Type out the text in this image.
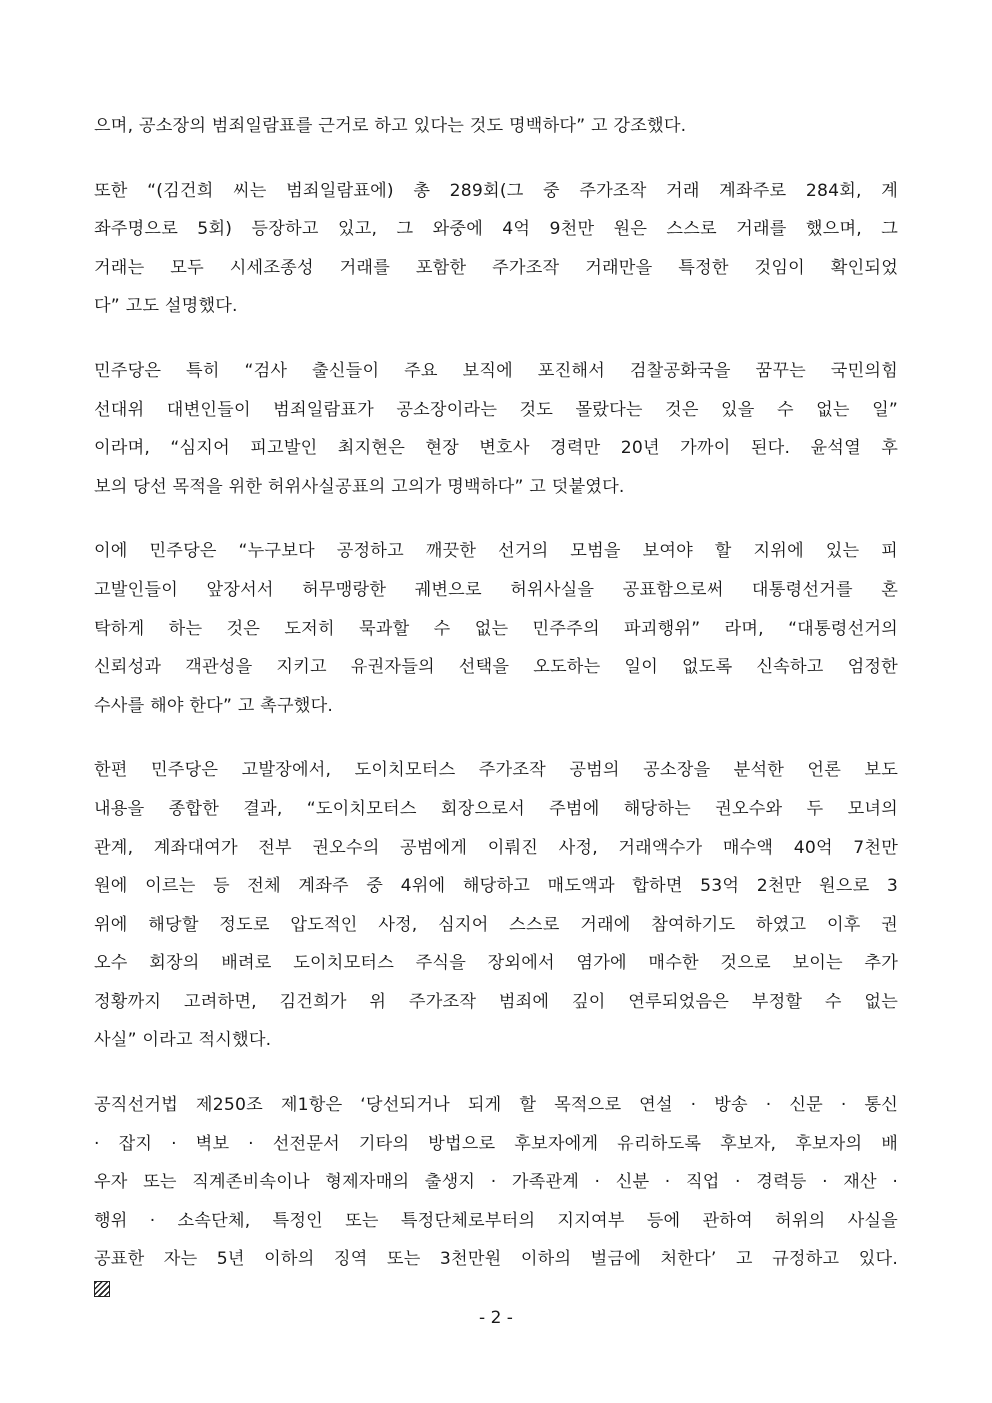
으며, 공소장의 범죄일람표를 근거로 하고 있다는 것도 명백하다” 고 강조했다.

또한 “(김건희 씨는 범죄일람표에) 총 289회(그 중 주가조작 거래 계좌주로 284회, 계
좌주명으로 5회) 등장하고 있고, 그 와중에 4억 9천만 원은 스스로 거래를 했으며, 그
거래는 모두 시세조종성 거래를 포함한 주가조작 거래만을 특정한 것임이 확인되었
다” 고도 설명했다.

민주당은 특히 “검사 출신들이 주요 보직에 포진해서 검찰공화국을 꿈꾸는 국민의힘
선대위 대변인들이 범죄일람표가 공소장이라는 것도 몰랐다는 것은 있을 수 없는 일”
이라며, “심지어 피고발인 최지현은 현장 변호사 경력만 20년 가까이 된다. 윤석열 후
보의 당선 목적을 위한 허위사실공표의 고의가 명백하다” 고 덧붙였다.

이에 민주당은 “누구보다 공정하고 깨끗한 선거의 모범을 보여야 할 지위에 있는 피
고발인들이 앞장서서 허무맹랑한 궤변으로 허위사실을 공표함으로써 대통령선거를 혼
탁하게 하는 것은 도저히 묵과할 수 없는 민주주의 파괴행위” 라며, “대통령선거의
신뢰성과 객관성을 지키고 유권자들의 선택을 오도하는 일이 없도록 신속하고 엄정한
수사를 해야 한다” 고 촉구했다.

한편 민주당은 고발장에서, 도이치모터스 주가조작 공범의 공소장을 분석한 언론 보도
내용을 종합한 결과, “도이치모터스 회장으로서 주범에 해당하는 권오수와 두 모녀의
관계, 계좌대여가 전부 권오수의 공범에게 이뤄진 사정, 거래액수가 매수액 40억 7천만
원에 이르는 등 전체 계좌주 중 4위에 해당하고 매도액과 합하면 53억 2천만 원으로 3
위에 해당할 정도로 압도적인 사정, 심지어 스스로 거래에 참여하기도 하였고 이후 권
오수 회장의 배려로 도이치모터스 주식을 장외에서 염가에 매수한 것으로 보이는 추가
정황까지 고려하면, 김건희가 위 주가조작 범죄에 깊이 연루되었음은 부정할 수 없는
사실” 이라고 적시했다.

공직선거법 제250조 제1항은 ‘당선되거나 되게 할 목적으로 연설 · 방송 · 신문 · 통신
· 잡지 · 벽보 · 선전문서 기타의 방법으로 후보자에게 유리하도록 후보자, 후보자의 배
우자 또는 직계존비속이나 형제자매의 출생지 · 가족관계 · 신분 · 직업 · 경력등 · 재산 ·
행위 · 소속단체, 특정인 또는 특정단체로부터의 지지여부 등에 관하여 허위의 사실을
공표한 자는 5년 이하의 징역 또는 3천만원 이하의 벌금에 처한다’ 고 규정하고 있다.

- 2 -
